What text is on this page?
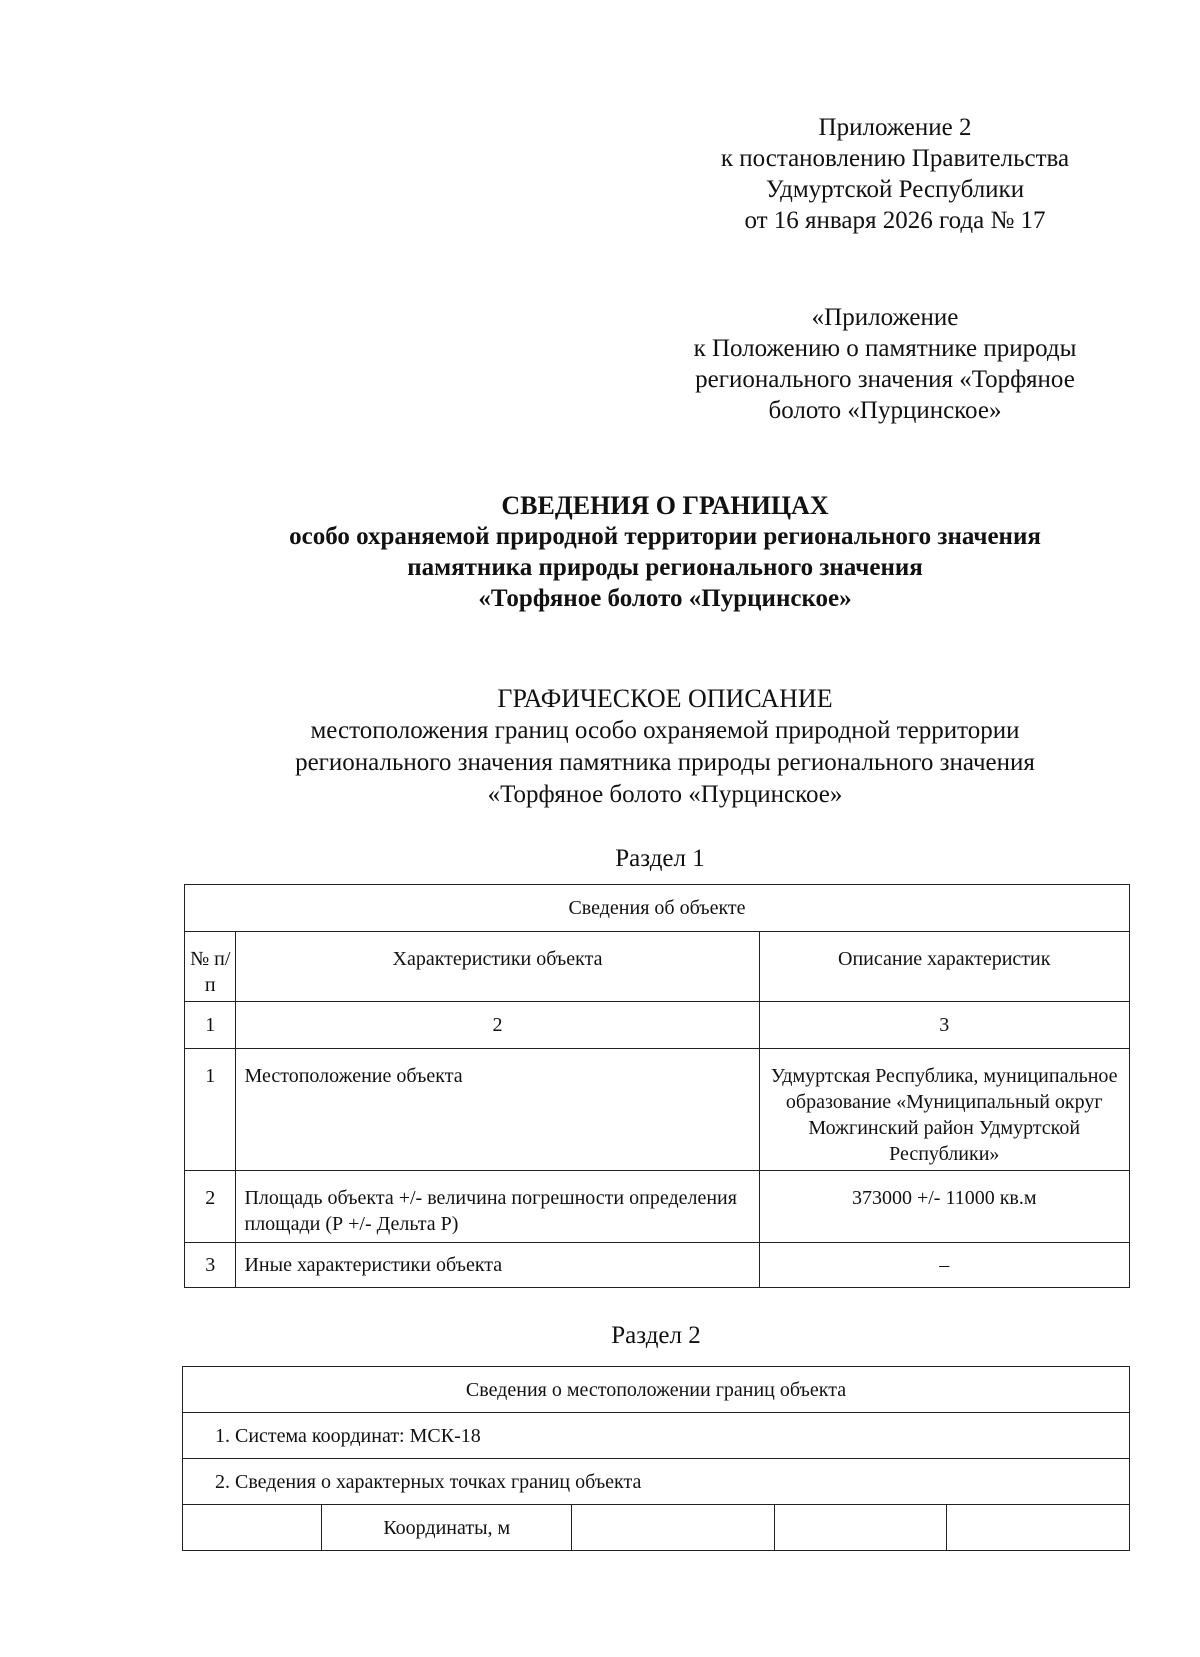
Приложение 2
к постановлению Правительства
Удмуртской Республики
от 16 января 2026 года № 17
«Приложение
к Положению о памятнике природы
регионального значения «Торфяное
болото «Пурцинское»
СВЕДЕНИЯ О ГРАНИЦАХ
особо охраняемой природной территории регионального значения
памятника природы регионального значения
«Торфяное болото «Пурцинское»
ГРАФИЧЕСКОЕ ОПИСАНИЕ
местоположения границ особо охраняемой природной территории
регионального значения памятника природы регионального значения
«Торфяное болото «Пурцинское»
Раздел 1
Сведения об объекте		
№ п/п	Характеристики объекта	Описание характеристик
1	2	3
1	Местоположение объекта	Удмуртская Республика, муниципальное образование «Муниципальный округ Можгинский район Удмуртской Республики»
2	Площадь объекта +/- величина погрешности определения площади (Р +/- Дельта Р)	373000 +/- 11000 кв.м
3	Иные характеристики объекта	–
Раздел 2
Сведения о местоположении границ объекта
1. Система координат: МСК-18
2. Сведения о характерных точках границ объекта
	Координаты, м			
